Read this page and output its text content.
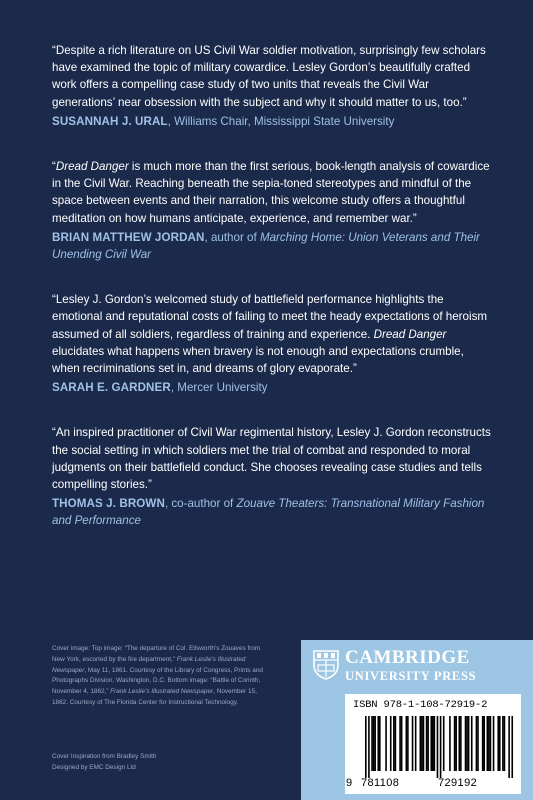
“Despite a rich literature on US Civil War soldier motivation, surprisingly few scholars have examined the topic of military cowardice. Lesley Gordon’s beautifully crafted work offers a compelling case study of two units that reveals the Civil War generations’ near obsession with the subject and why it should matter to us, too.”

SUSANNAH J. URAL, Williams Chair, Mississippi State University

“Dread Danger is much more than the first serious, book-length analysis of cowardice in the Civil War. Reaching beneath the sepia-toned stereotypes and mindful of the space between events and their narration, this welcome study offers a thoughtful meditation on how humans anticipate, experience, and remember war.”

BRIAN MATTHEW JORDAN, author of Marching Home: Union Veterans and Their Unending Civil War

“Lesley J. Gordon’s welcomed study of battlefield performance highlights the emotional and reputational costs of failing to meet the heady expectations of heroism assumed of all soldiers, regardless of training and experience. Dread Danger elucidates what happens when bravery is not enough and expectations crumble, when recriminations set in, and dreams of glory evaporate.”

SARAH E. GARDNER, Mercer University

“An inspired practitioner of Civil War regimental history, Lesley J. Gordon reconstructs the social setting in which soldiers met the trial of combat and responded to moral judgments on their battlefield conduct. She chooses revealing case studies and tells compelling stories.”

THOMAS J. BROWN, co-author of Zouave Theaters: Transnational Military Fashion and Performance

Cover image: Top image: “The departure of Col. Ellsworth’s Zouaves from New York, escorted by the fire department,” Frank Leslie’s Illustrated Newspaper, May 11, 1861. Courtesy of the Library of Congress, Prints and Photographs Division, Washington, D.C. Bottom image: “Battle of Corinth, November 4, 1862,” Frank Leslie’s Illustrated Newspaper, November 15, 1862. Courtesy of The Florida Center for Instructional Technology.
Cover Inspiration from Bradley Smith
Designed by EMC Design Ltd
CAMBRIDGE
UNIVERSITY PRESS
ISBN 978-1-108-72919-2
9 781108	729192
